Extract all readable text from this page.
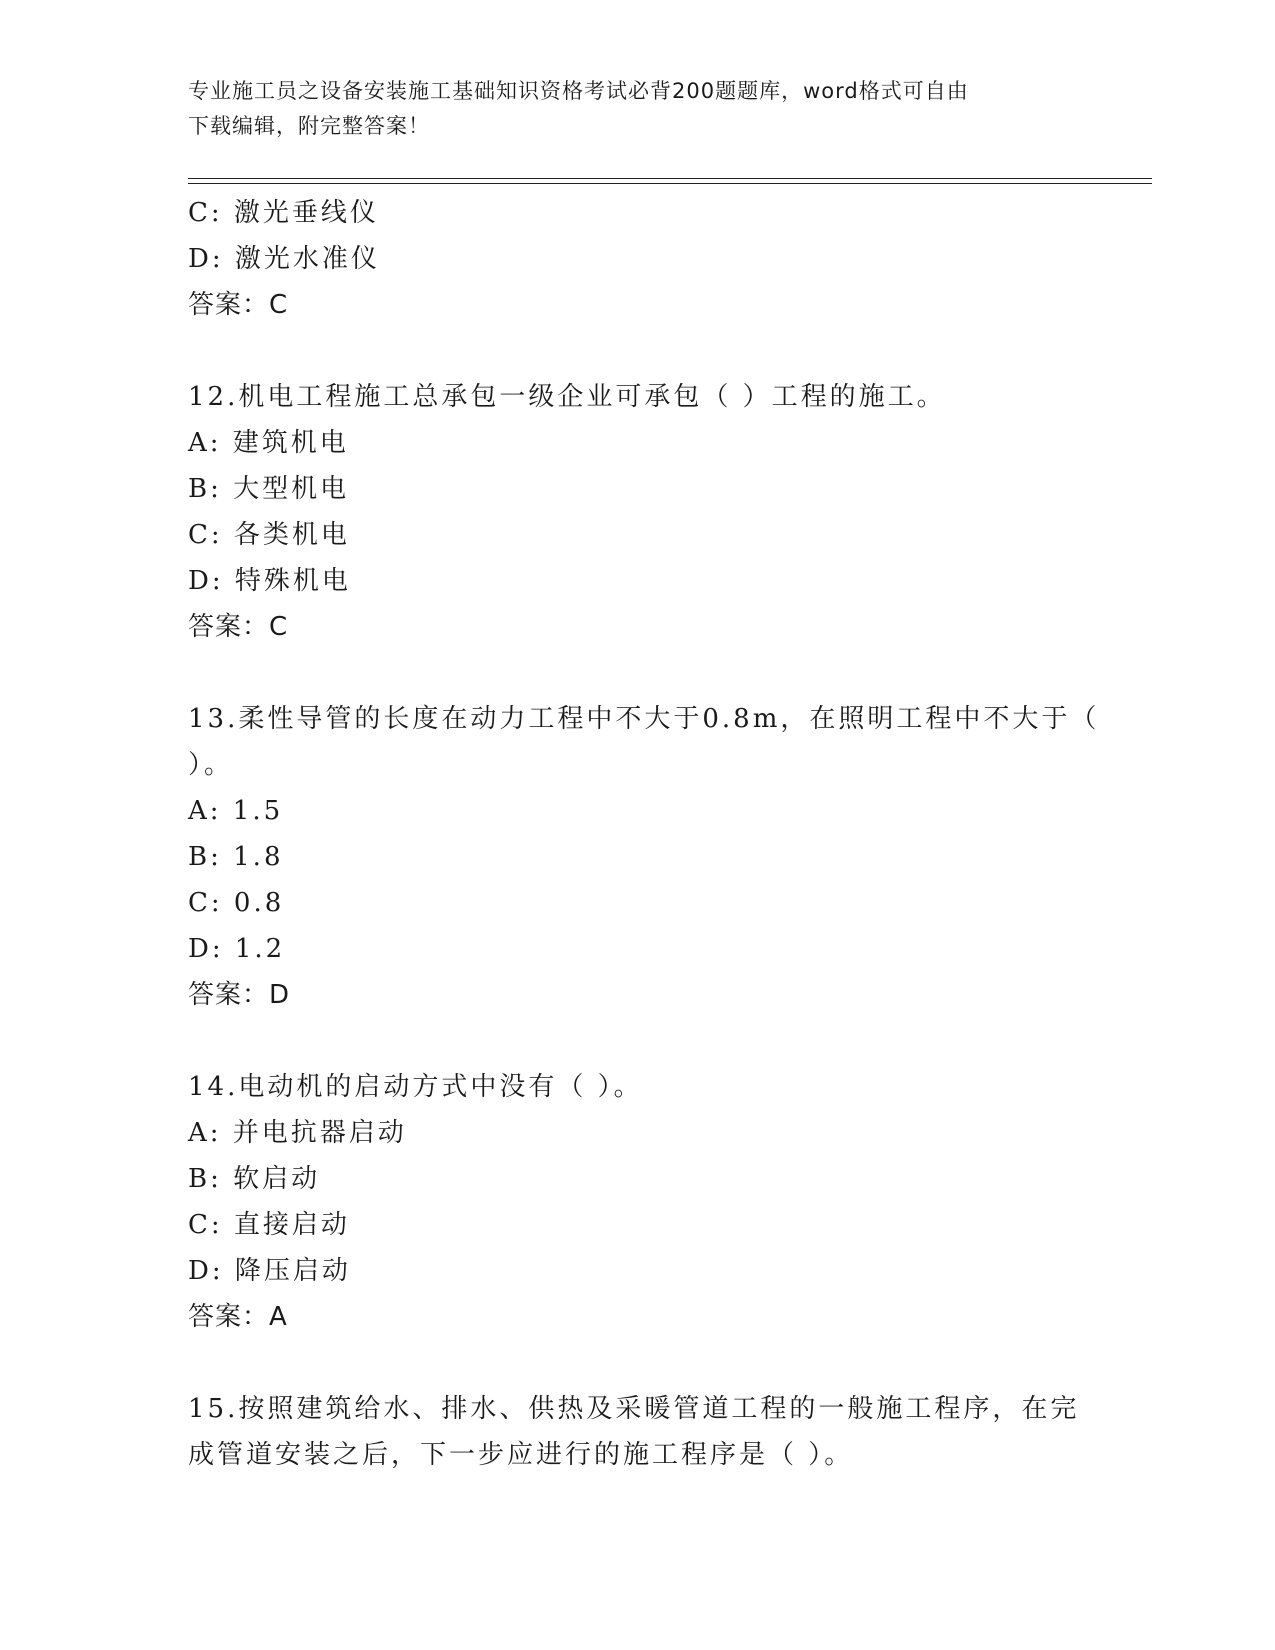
专业施工员之设备安装施工基础知识资格考试必背200题题库，word格式可自由
下载编辑，附完整答案！
C: 激光垂线仪
D: 激光水准仪
答案：C
12.机电工程施工总承包一级企业可承包（ ）工程的施工。
A: 建筑机电
B: 大型机电
C: 各类机电
D: 特殊机电
答案：C
13.柔性导管的长度在动力工程中不大于0.8m，在照明工程中不大于（
）。
A: 1.5
B: 1.8
C: 0.8
D: 1.2
答案：D
14.电动机的启动方式中没有（ ）。
A: 并电抗器启动
B: 软启动
C: 直接启动
D: 降压启动
答案：A
15.按照建筑给水、排水、供热及采暖管道工程的一般施工程序，在完
成管道安装之后，下一步应进行的施工程序是（ ）。
